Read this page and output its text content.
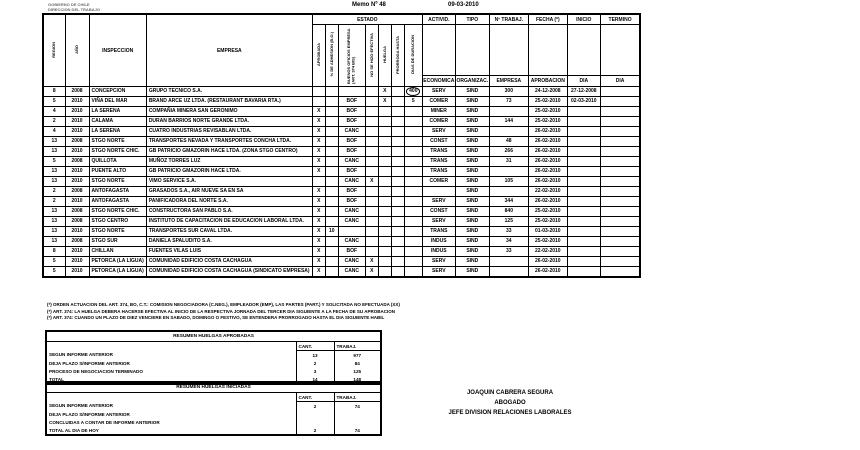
GOBIERNO DE CHILE
DIRECCION DEL TRABAJO
Memo Nº 48	09-03-2010
REGION	AÑO	INSPECCION	EMPRESA	ESTADO							ACTIVID.	TIPO	Nº TRABAJ.	FECHA (*)	INICIO	TERMINO
				APROBADA	% DE ADHESION (B.O.)	BUENOS OFICIOS EMPRESA (ART. 374 BIS)	NO SE HIZO EFECTIVA	HUELGA	PRORROGA HASTA	DIAS DE DURACION						
											ECONOMICA	ORGANIZAC.	EMPRESA	APROBACION	DIA	DIA
8	2008	CONCEPCION	GRUPO TECNICO S.A.					X		400	SERV	SIND	300	24-12-2008	27-12-2008	
5	2010	VIÑA DEL MAR	BRAND ARCE UZ LTDA. (RESTAURANT BAVARIA RTA.)			BOF		X		5	COMER	SIND	73	25-02-2010	02-03-2010	
4	2010	LA SERENA	COMPAÑIA MINERA SAN GERONIMO	X		BOF					MINER	SIND		25-02-2010		
2	2010	CALAMA	DURAN BARRIOS NORTE GRANDE LTDA.	X		BOF					COMER	SIND	144	25-02-2010		
4	2010	LA SERENA	CUATRO INDUSTRIAS REVISABLAN LTDA.	X		CANC					SERV	SIND		26-02-2010		
13	2008	STGO NORTE	TRANSPORTES NEVADA Y TRANSPORTES CONCHA LTDA.	X		BOF					CONST	SIND	48	26-02-2010		
13	2010	STGO NORTE CHIC.	GB PATRICIO GMAZORIN HACE LTDA. (ZONA STGO CENTRO)	X		BOF					TRANS	SIND	266	26-02-2010		
5	2008	QUILLOTA	MUÑOZ TORRES LUZ	X		CANC					TRANS	SIND	31	26-02-2010		
13	2010	PUENTE ALTO	GB PATRICIO GMAZORIN HACE LTDA.	X		BOF					TRANS	SIND		26-02-2010		
13	2010	STGO NORTE	VIMO SERVICE S.A.			CANC	X				COMER	SIND	105	26-02-2010		
2	2008	ANTOFAGASTA	GRASADOS S.A., AIR NUEVE SA EN SA	X		BOF						SIND		22-02-2010		
2	2010	ANTOFAGASTA	PANIFICADORA DEL NORTE S.A.	X		BOF					SERV	SIND	344	26-02-2010		
13	2008	STGO NORTE CHIC.	CONSTRUCTORA SAN PABLO S.A.	X		CANC					CONST	SIND	840	25-02-2010		
13	2008	STGO CENTRO	INSTITUTO DE CAPACITACION DE EDUCACION LABORAL LTDA.	X		CANC					SERV	SIND	125	25-02-2010		
13	2010	STGO NORTE	TRANSPORTES SUR CAVAL LTDA.	X	10						TRANS	SIND	33	01-03-2010		
13	2008	STGO SUR	DANIELA SPALUDITO S.A.	X		CANC					INDUS	SIND	34	25-02-2010		
8	2010	CHILLAN	FUENTES VILAS LUIS	X		BOF					INDUS	SIND	33	22-02-2010		
5	2010	PETORCA (LA LIGUA)	COMUNIDAD EDIFICIO COSTA CACHAGUA	X		CANC	X				SERV	SIND		26-02-2010		
5	2010	PETORCA (LA LIGUA)	COMUNIDAD EDIFICIO COSTA CACHAGUA (SINDICATO EMPRESA)	X		CANC	X				SERV	SIND		26-02-2010		
(*) ORDEN ACTUACION DEL ART. 374, BO, C.T.: COMISION NEGOCIADORA (C.NEG.), EMPLEADOR (EMP), LAS PARTES (PART.) Y SOLICITADA NO EFECTUADA (XX)
(*) ART. 374: LA HUELGA DEBERA HACERSE EFECTIVA AL INICIO DE LA RESPECTIVA JORNADA DEL TERCER DIA SIGUIENTE A LA FECHA DE SU APROBACION
(*) ART. 374: CUANDO UN PLAZO DE DIEZ VENCIERE EN SABADO, DOMINGO O FESTIVO, SE ENTENDERA PRORROGADO HASTA EL DIA SIGUIENTE HABIL
RESUMEN HUELGAS APROBADAS		
	CANT.	TRABAJ.
SEGUN INFORME ANTERIOR	13	977
DEJA PLAZO S/INFORME ANTERIOR	2	84
PROCESO DE NEGOCIACION TERMINADO	3	125
TOTAL	14	148
RESUMEN HUELGAS INICIADAS		
	CANT.	TRABAJ.
SEGUN INFORME ANTERIOR	2	74
DEJA PLAZO S/INFORME ANTERIOR		
CONCLUIDAS A CONTAR DE INFORME ANTERIOR		
TOTAL AL DIA DE HOY	2	74
JOAQUIN CABRERA SEGURA
ABOGADO
JEFE DIVISION RELACIONES LABORALES
